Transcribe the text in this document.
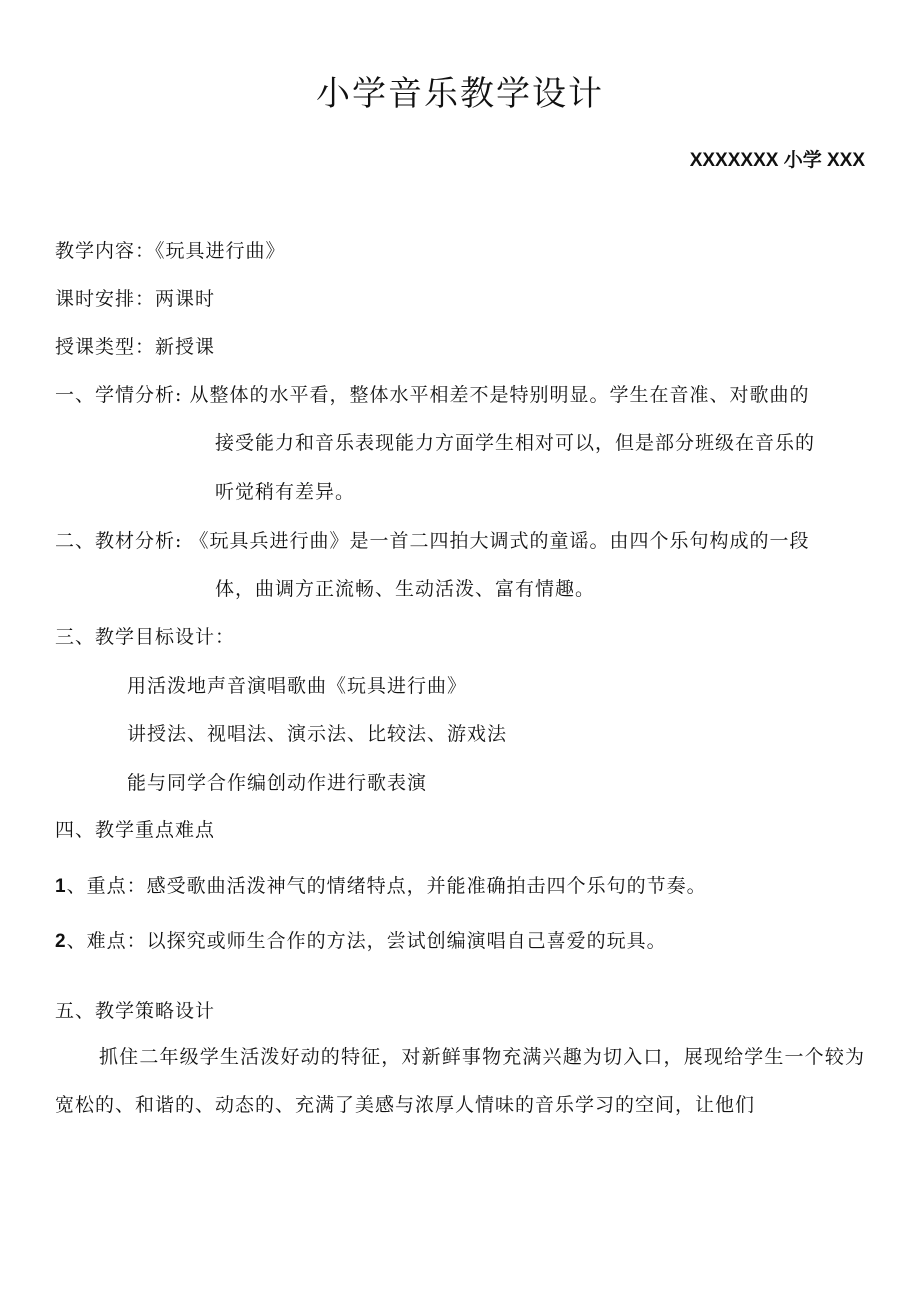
小学音乐教学设计
XXXXXXX 小学 XXX
教学内容：《玩具进行曲》
课时安排：两课时
授课类型：新授课
一、学情分析: 从整体的水平看，整体水平相差不是特别明显。学生在音准、对歌曲的
接受能力和音乐表现能力方面学生相对可以，但是部分班级在音乐的
听觉稍有差异。
二、教材分析: 《玩具兵进行曲》是一首二四拍大调式的童谣。由四个乐句构成的一段
体，曲调方正流畅、生动活泼、富有情趣。
三、教学目标设计：
用活泼地声音演唱歌曲《玩具进行曲》
讲授法、视唱法、演示法、比较法、游戏法
能与同学合作编创动作进行歌表演
四、教学重点难点
1、重点：感受歌曲活泼神气的情绪特点，并能准确拍击四个乐句的节奏。
2、难点：以探究或师生合作的方法，尝试创编演唱自己喜爱的玩具。
五、教学策略设计
抓住二年级学生活泼好动的特征，对新鲜事物充满兴趣为切入口，展现给学生一个较为宽松的、和谐的、动态的、充满了美感与浓厚人情味的音乐学习的空间，让他们
